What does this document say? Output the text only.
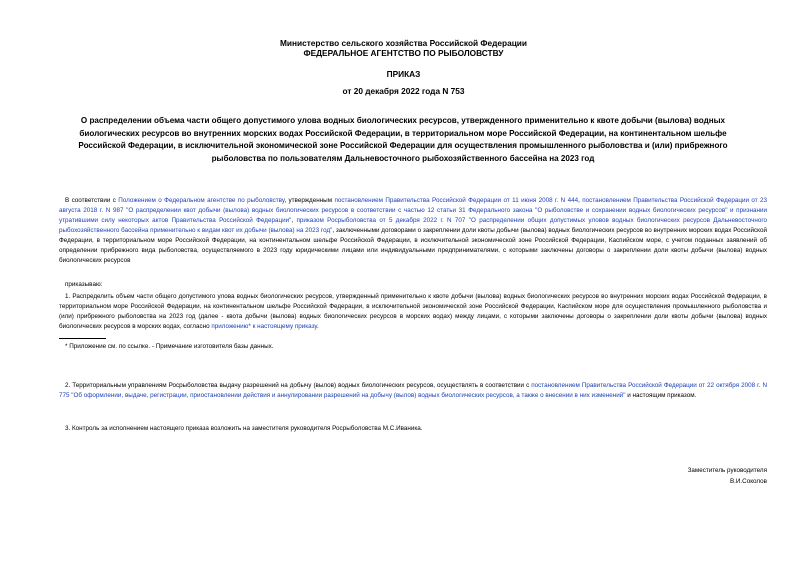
Министерство сельского хозяйства Российской Федерации
ФЕДЕРАЛЬНОЕ АГЕНТСТВО ПО РЫБОЛОВСТВУ
ПРИКАЗ
от 20 декабря 2022 года N 753
О распределении объема части общего допустимого улова водных биологических ресурсов, утвержденного применительно к квоте добычи (вылова) водных биологических ресурсов во внутренних морских водах Российской Федерации, в территориальном море Российской Федерации, на континентальном шельфе Российской Федерации, в исключительной экономической зоне Российской Федерации для осуществления промышленного рыболовства и (или) прибрежного рыболовства по пользователям Дальневосточного рыбохозяйственного бассейна на 2023 год
В соответствии с Положением о Федеральном агентстве по рыболовству, утвержденным постановлением Правительства Российской Федерации от 11 июня 2008 г. N 444, постановлением Правительства Российской Федерации от 23 августа 2018 г. N 987 "О распределении квот добычи (вылова) водных биологических ресурсов в соответствии с частью 12 статьи 31 Федерального закона "О рыболовстве и сохранении водных биологических ресурсов" и признании утратившими силу некоторых актов Правительства Российской Федерации", приказом Росрыболовства от 5 декабря 2022 г. N 707 "О распределении общих допустимых уловов водных биологических ресурсов Дальневосточного рыбохозяйственного бассейна применительно к видам квот их добычи (вылова) на 2023 год", заключенными договорами о закреплении доли квоты добычи (вылова) водных биологических ресурсов во внутренних морских водах Российской Федерации, в территориальном море Российской Федерации, на континентальном шельфе Российской Федерации, в исключительной экономической зоне Российской Федерации, Каспийском море, с учетом поданных заявлений об определении прибрежного вида рыболовства, осуществляемого в 2023 году юридическими лицами или индивидуальными предпринимателями, с которыми заключены договоры о закреплении доли квоты добычи (вылова) водных биологических ресурсов
приказываю:
1. Распределить объем части общего допустимого улова водных биологических ресурсов, утвержденный применительно к квоте добычи (вылова) водных биологических ресурсов во внутренних морских водах Российской Федерации, в территориальном море Российской Федерации, на континентальном шельфе Российской Федерации, в исключительной экономической зоне Российской Федерации, Каспийском море для осуществления промышленного рыболовства и (или) прибрежного рыболовства на 2023 год (далее - квота добычи (вылова) водных биологических ресурсов в морских водах) между лицами, с которыми заключены договоры о закреплении доли квоты добычи (вылова) водных биологических ресурсов в морских водах, согласно приложению* к настоящему приказу.
* Приложение см. по ссылке. - Примечание изготовителя базы данных.
2. Территориальным управлениям Росрыболовства выдачу разрешений на добычу (вылов) водных биологических ресурсов, осуществлять в соответствии с постановлением Правительства Российской Федерации от 22 октября 2008 г. N 775 "Об оформлении, выдаче, регистрации, приостановлении действия и аннулировании разрешений на добычу (вылов) водных биологических ресурсов, а также о внесении в них изменений" и настоящим приказом.
3. Контроль за исполнением настоящего приказа возложить на заместителя руководителя Росрыболовства М.С.Иваника.
Заместитель руководителя
В.И.Соколов
